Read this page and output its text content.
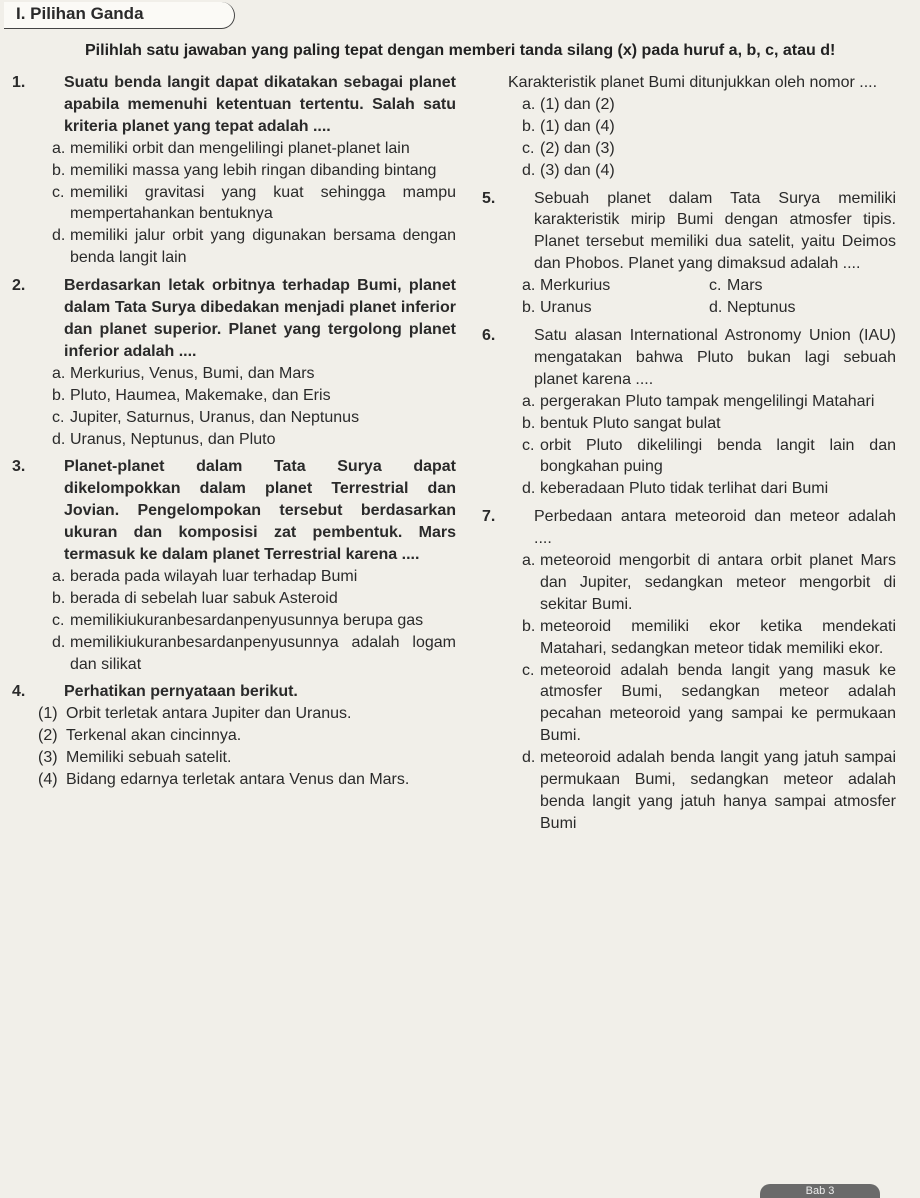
I. Pilihan Ganda
Pilihlah satu jawaban yang paling tepat dengan memberi tanda silang (x) pada huruf a, b, c, atau d!
1. Suatu benda langit dapat dikatakan sebagai planet apabila memenuhi ketentuan tertentu. Salah satu kriteria planet yang tepat adalah ....
a. memiliki orbit dan mengelilingi planet-planet lain
b. memiliki massa yang lebih ringan dibanding bintang
c. memiliki gravitasi yang kuat sehingga mampu mempertahankan bentuknya
d. memiliki jalur orbit yang digunakan bersama dengan benda langit lain
2. Berdasarkan letak orbitnya terhadap Bumi, planet dalam Tata Surya dibedakan menjadi planet inferior dan planet superior. Planet yang tergolong planet inferior adalah ....
a. Merkurius, Venus, Bumi, dan Mars
b. Pluto, Haumea, Makemake, dan Eris
c. Jupiter, Saturnus, Uranus, dan Neptunus
d. Uranus, Neptunus, dan Pluto
3. Planet-planet dalam Tata Surya dapat dikelompokkan dalam planet Terrestrial dan Jovian. Pengelompokan tersebut berdasarkan ukuran dan komposisi zat pembentuk. Mars termasuk ke dalam planet Terrestrial karena ....
a. berada pada wilayah luar terhadap Bumi
b. berada di sebelah luar sabuk Asteroid
c. memilikiukuranbesardanpenyusunnya berupa gas
d. memilikiukuranbesardanpenyusunnya adalah logam dan silikat
4. Perhatikan pernyataan berikut.
(1) Orbit terletak antara Jupiter dan Uranus.
(2) Terkenal akan cincinnya.
(3) Memiliki sebuah satelit.
(4) Bidang edarnya terletak antara Venus dan Mars.
Karakteristik planet Bumi ditunjukkan oleh nomor ....
a. (1) dan (2)
b. (1) dan (4)
c. (2) dan (3)
d. (3) dan (4)
5. Sebuah planet dalam Tata Surya memiliki karakteristik mirip Bumi dengan atmosfer tipis. Planet tersebut memiliki dua satelit, yaitu Deimos dan Phobos. Planet yang dimaksud adalah ....
a. Merkurius	c. Mars
b. Uranus	d. Neptunus
6. Satu alasan International Astronomy Union (IAU) mengatakan bahwa Pluto bukan lagi sebuah planet karena ....
a. pergerakan Pluto tampak mengelilingi Matahari
b. bentuk Pluto sangat bulat
c. orbit Pluto dikelilingi benda langit lain dan bongkahan puing
d. keberadaan Pluto tidak terlihat dari Bumi
7. Perbedaan antara meteoroid dan meteor adalah ....
a. meteoroid mengorbit di antara orbit planet Mars dan Jupiter, sedangkan meteor mengorbit di sekitar Bumi.
b. meteoroid memiliki ekor ketika mendekati Matahari, sedangkan meteor tidak memiliki ekor.
c. meteoroid adalah benda langit yang masuk ke atmosfer Bumi, sedangkan meteor adalah pecahan meteoroid yang sampai ke permukaan Bumi.
d. meteoroid adalah benda langit yang jatuh sampai permukaan Bumi, sedangkan meteor adalah benda langit yang jatuh hanya sampai atmosfer Bumi
Bab 3
